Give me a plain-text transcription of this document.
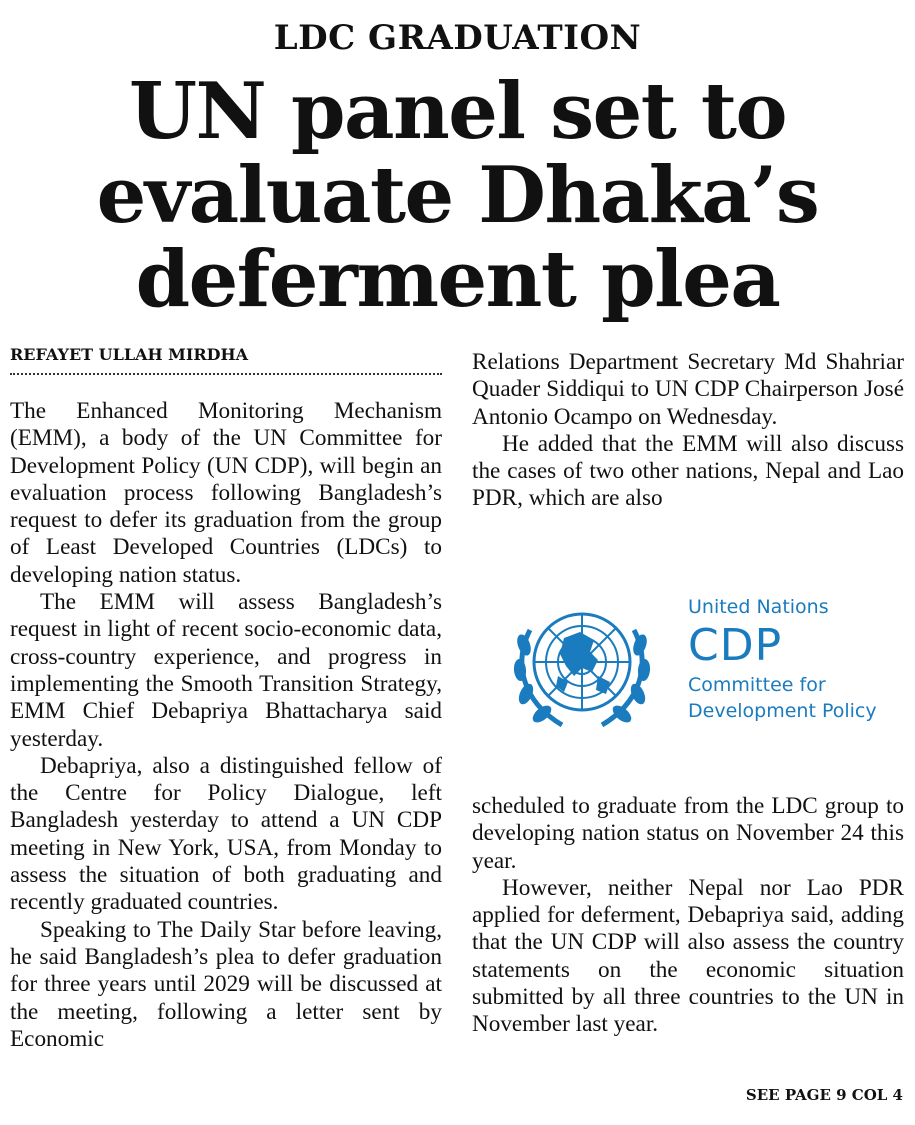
LDC GRADUATION
UN panel set to
evaluate Dhaka’s
deferment plea
REFAYET ULLAH MIRDHA

The Enhanced Monitoring Mechanism (EMM), a body of the UN Committee for Development Policy (UN CDP), will begin an evaluation process following Bangladesh’s request to defer its graduation from the group of Least Developed Countries (LDCs) to developing nation status.

The EMM will assess Bangladesh’s request in light of recent socio-economic data, cross-country experience, and progress in implementing the Smooth Transition Strategy, EMM Chief Debapriya Bhattacharya said yesterday.

Debapriya, also a distinguished fellow of the Centre for Policy Dialogue, left Bangladesh yesterday to attend a UN CDP meeting in New York, USA, from Monday to assess the situation of both graduating and recently graduated countries.

Speaking to The Daily Star before leaving, he said Bangladesh’s plea to defer graduation for three years until 2029 will be discussed at the meeting, following a letter sent by Economic

Relations Department Secretary Md Shahriar Quader Siddiqui to UN CDP Chairperson José Antonio Ocampo on Wednesday.

He added that the EMM will also discuss the cases of two other nations, Nepal and Lao PDR, which are also

United Nations
CDP
Committee for
Development Policy

scheduled to graduate from the LDC group to developing nation status on November 24 this year.

However, neither Nepal nor Lao PDR applied for deferment, Debapriya said, adding that the UN CDP will also assess the country statements on the economic situation submitted by all three countries to the UN in November last year.

SEE PAGE 9 COL 4
